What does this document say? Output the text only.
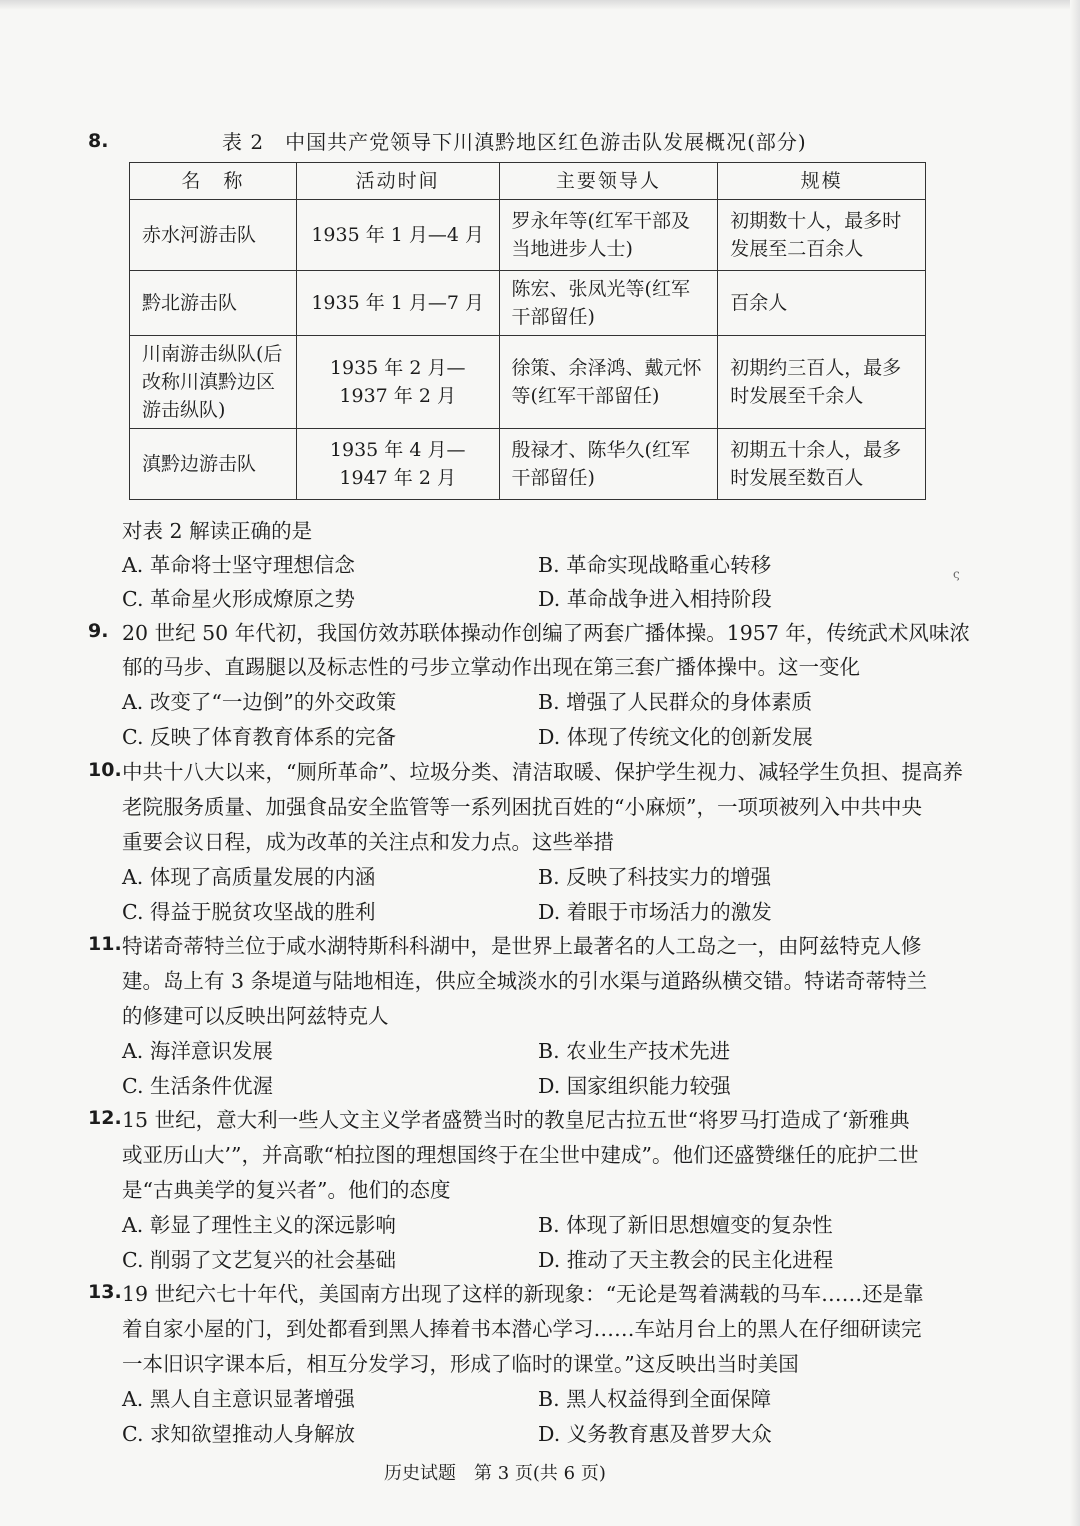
8.	表 2　中国共产党领导下川滇黔地区红色游击队发展概况(部分)
名　称	活动时间	主要领导人	规模
赤水河游击队	1935 年 1 月—4 月	罗永年等(红军干部及当地进步人士)	初期数十人，最多时发展至二百余人
黔北游击队	1935 年 1 月—7 月	陈宏、张凤光等(红军干部留任)	百余人
川南游击纵队(后改称川滇黔边区游击纵队)	1935 年 2 月—1937 年 2 月	徐策、余泽鸿、戴元怀等(红军干部留任)	初期约三百人，最多时发展至千余人
滇黔边游击队	1935 年 4 月—1947 年 2 月	殷禄才、陈华久(红军干部留任)	初期五十余人，最多时发展至数百人
对表 2 解读正确的是
A. 革命将士坚守理想信念	B. 革命实现战略重心转移
C. 革命星火形成燎原之势	D. 革命战争进入相持阶段
ς
9. 20 世纪 50 年代初，我国仿效苏联体操动作创编了两套广播体操。1957 年，传统武术风味浓
郁的马步、直踢腿以及标志性的弓步立掌动作出现在第三套广播体操中。这一变化
A. 改变了“一边倒”的外交政策	B. 增强了人民群众的身体素质
C. 反映了体育教育体系的完备	D. 体现了传统文化的创新发展
10. 中共十八大以来，“厕所革命”、垃圾分类、清洁取暖、保护学生视力、减轻学生负担、提高养
老院服务质量、加强食品安全监管等一系列困扰百姓的“小麻烦”，一项项被列入中共中央
重要会议日程，成为改革的关注点和发力点。这些举措
A. 体现了高质量发展的内涵	B. 反映了科技实力的增强
C. 得益于脱贫攻坚战的胜利	D. 着眼于市场活力的激发
11. 特诺奇蒂特兰位于咸水湖特斯科科湖中，是世界上最著名的人工岛之一，由阿兹特克人修
建。岛上有 3 条堤道与陆地相连，供应全城淡水的引水渠与道路纵横交错。特诺奇蒂特兰
的修建可以反映出阿兹特克人
A. 海洋意识发展	B. 农业生产技术先进
C. 生活条件优渥	D. 国家组织能力较强
12. 15 世纪，意大利一些人文主义学者盛赞当时的教皇尼古拉五世“将罗马打造成了‘新雅典
或亚历山大’”，并高歌“柏拉图的理想国终于在尘世中建成”。他们还盛赞继任的庇护二世
是“古典美学的复兴者”。他们的态度
A. 彰显了理性主义的深远影响	B. 体现了新旧思想嬗变的复杂性
C. 削弱了文艺复兴的社会基础	D. 推动了天主教会的民主化进程
13. 19 世纪六七十年代，美国南方出现了这样的新现象：“无论是驾着满载的马车……还是靠
着自家小屋的门，到处都看到黑人捧着书本潜心学习……车站月台上的黑人在仔细研读完
一本旧识字课本后，相互分发学习，形成了临时的课堂。”这反映出当时美国
A. 黑人自主意识显著增强	B. 黑人权益得到全面保障
C. 求知欲望推动人身解放	D. 义务教育惠及普罗大众
历史试题　第 3 页(共 6 页)
